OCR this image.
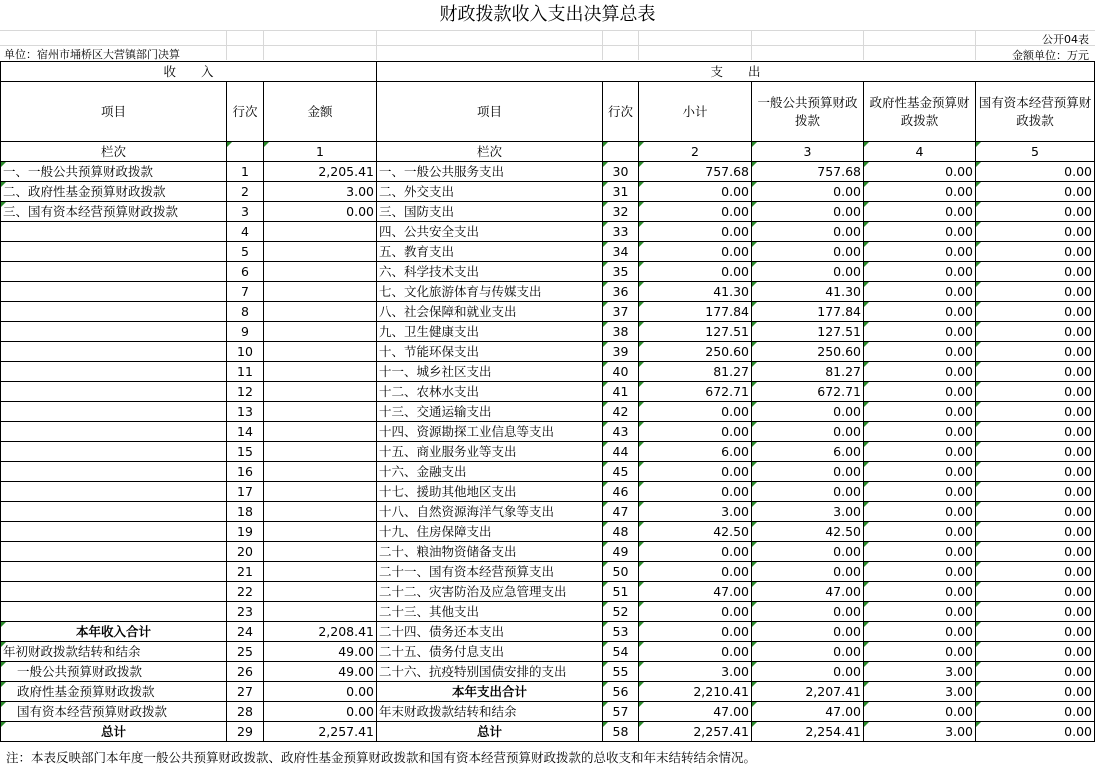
财政拨款收入支出决算总表
公开04表
单位：宿州市埇桥区大营镇部门决算	金额单位：万元
收　　入			支　　出					
项目	行次	金额	项目	行次	小计	一般公共预算财政拨款	政府性基金预算财政拨款	国有资本经营预算财政拨款
栏次		1	栏次		2	3	4	5
一、一般公共预算财政拨款	1	2,205.41	一、一般公共服务支出	30	757.68	757.68	0.00	0.00
二、政府性基金预算财政拨款	2	3.00	二、外交支出	31	0.00	0.00	0.00	0.00
三、国有资本经营预算财政拨款	3	0.00	三、国防支出	32	0.00	0.00	0.00	0.00
	4		四、公共安全支出	33	0.00	0.00	0.00	0.00
	5		五、教育支出	34	0.00	0.00	0.00	0.00
	6		六、科学技术支出	35	0.00	0.00	0.00	0.00
	7		七、文化旅游体育与传媒支出	36	41.30	41.30	0.00	0.00
	8		八、社会保障和就业支出	37	177.84	177.84	0.00	0.00
	9		九、卫生健康支出	38	127.51	127.51	0.00	0.00
	10		十、节能环保支出	39	250.60	250.60	0.00	0.00
	11		十一、城乡社区支出	40	81.27	81.27	0.00	0.00
	12		十二、农林水支出	41	672.71	672.71	0.00	0.00
	13		十三、交通运输支出	42	0.00	0.00	0.00	0.00
	14		十四、资源勘探工业信息等支出	43	0.00	0.00	0.00	0.00
	15		十五、商业服务业等支出	44	6.00	6.00	0.00	0.00
	16		十六、金融支出	45	0.00	0.00	0.00	0.00
	17		十七、援助其他地区支出	46	0.00	0.00	0.00	0.00
	18		十八、自然资源海洋气象等支出	47	3.00	3.00	0.00	0.00
	19		十九、住房保障支出	48	42.50	42.50	0.00	0.00
	20		二十、粮油物资储备支出	49	0.00	0.00	0.00	0.00
	21		二十一、国有资本经营预算支出	50	0.00	0.00	0.00	0.00
	22		二十二、灾害防治及应急管理支出	51	47.00	47.00	0.00	0.00
	23		二十三、其他支出	52	0.00	0.00	0.00	0.00
本年收入合计	24	2,208.41	二十四、债务还本支出	53	0.00	0.00	0.00	0.00
年初财政拨款结转和结余	25	49.00	二十五、债务付息支出	54	0.00	0.00	0.00	0.00
一般公共预算财政拨款	26	49.00	二十六、抗疫特别国债安排的支出	55	3.00	0.00	3.00	0.00
政府性基金预算财政拨款	27	0.00	本年支出合计	56	2,210.41	2,207.41	3.00	0.00
国有资本经营预算财政拨款	28	0.00	年末财政拨款结转和结余	57	47.00	47.00	0.00	0.00
总计	29	2,257.41	总计	58	2,257.41	2,254.41	3.00	0.00
注：本表反映部门本年度一般公共预算财政拨款、政府性基金预算财政拨款和国有资本经营预算财政拨款的总收支和年末结转结余情况。
